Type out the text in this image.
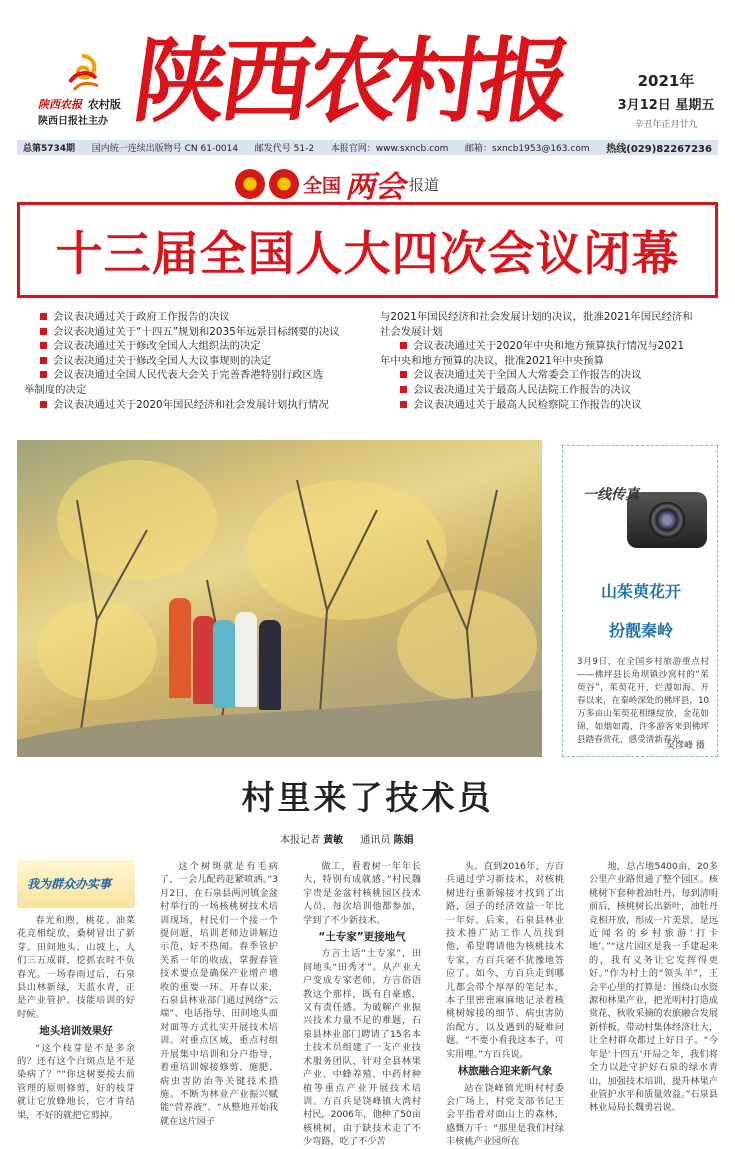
陕西农报 农村版
陕西日报社主办 陕西农村报	2021年
3月12日 星期五
辛丑年正月廿九
总第5734期 国内统一连续出版物号 CN 61-0014 邮发代号 51-2 本报官网：www.sxncb.com 邮箱：sxncb1953@163.com 热线(029)82267236
全国 两会 报道
十三届全国人大四次会议闭幕
会议表决通过关于政府工作报告的决议
会议表决通过关于“十四五”规划和2035年远景目标纲要的决议
会议表决通过关于修改全国人大组织法的决定
会议表决通过关于修改全国人大议事规则的决定
会议表决通过全国人民代表大会关于完善香港特别行政区选
举制度的决定
会议表决通过关于2020年国民经济和社会发展计划执行情况
与2021年国民经济和社会发展计划的决议，批准2021年国民经济和
社会发展计划
会议表决通过关于2020年中央和地方预算执行情况与2021
年中央和地方预算的决议，批准2021年中央预算
会议表决通过关于全国人大常委会工作报告的决议
会议表决通过关于最高人民法院工作报告的决议
会议表决通过关于最高人民检察院工作报告的决议
一线传真
山茱萸花开
扮靓秦岭
3月9日，在全国乡村旅游重点村——佛坪县长角坝镇沙窝村的“茱萸谷”，茱萸花开，烂漫如海。开春以来，在秦岭深处的佛坪县，10万多亩山茱萸花相继绽放，金花如锦，如烟如霞，许多游客来到佛坪县踏春赏花，感受清新春光。
吴彦峰 摄
村里来了技术员
本报记者 黄敏 通讯员 陈娟
我为群众办实事

春光和煦，桃花、油菜花竞相绽放，桑树冒出了新芽。田间地头、山坡上，人们三五成群，挖抓农时不负春光。一场春雨过后，石泉县山林新绿，天蓝水青，正是产业管护、技能培训的好时候。

地头培训效果好

“这个枝芽是不是多余的？还有这个白斑点是不是染病了？”“你这树要按去前管理的原则修剪，好的枝芽就让它放蜂地长，它才肯结果，不好的就把它剪掉。

这个树斑就是有毛病了，一会儿配药赶紧喷洒。”3月2日，在石泉县两河镇金盆村举行的一场核桃树技术培训现场，村民们一个接一个提问题，培训老师边讲解边示范，好不热闹。春季管护关系一年的收成，掌握春管技术要点是确保产业增产增收的重要一环。开春以来，石泉县林业部门通过网络“云端”、电话指导、田间地头面对面等方式扎实开展技术培训。对重点区域，重点村组开展集中培训和分户指导，着重培训嫁接修剪、施肥、病虫害防治等关键技术措施。不断为林业产业振兴赋能“营养液”。“从整地开始我就在这片园子

做工，看着树一年年长大，特别有成就感。”村民魏宇贵是金盆村核桃园区技术人员，每次培训他都参加，学到了不少新技术。

“土专家”更接地气

方言土话“土专家”，田间地头“田秀才”。从产业大户变成专家老师，方言俗语教这个那样，既有自豪感，又有责任感。为破解产业振兴技术力量不足的难题，石泉县林业部门聘请了15名本土技术员组建了一支产业技术服务团队，针对全县林果产业、中蜂养殖、中药材种植等重点产业开展技术培训。方百兵是饶峰镇大湾村村民，2006年，他种了50亩核桃树，由于缺技术走了不少弯路，吃了不少苦

头。直到2016年，方百兵通过学习新技术，对核桃树进行重新嫁接才找到了出路，园子的经济效益一年比一年好。后来，石泉县林业技术推广站工作人员找到他，希望聘请他为核桃技术专家，方百兵毫不犹豫地答应了。如今，方百兵走到哪儿都会带个厚厚的笔记本，本子里密密麻麻地记录着核桃树嫁接的细节、病虫害防治配方，以及遇到的疑难问题。“不要小看我这本子，可实用哩。”方百兵说。

林旅融合迎来新气象

站在饶峰镇光明村村委会广场上，村党支部书记王会平指着对面山上的森林，感慨万千：“那里是我们村绿丰核桃产业园所在

地，总占地5400亩，20多公里产业路贯通了整个园区。核桃树下套种着油牡丹，每到清明前后，核桃树长出新叶，油牡丹竞相开放，形成一片美景，是远近闻名的乡村旅游‘打卡地’。”“这片园区是我一手建起来的，我有义务让它发挥得更好。”作为村上的“领头羊”，王会平心里的打算是：围绕山水资源和林果产业，把光明村打造成赏花、秋收采摘的农旅融合发展新样板，带动村集体经济壮大，让全村群众都过上好日子。“今年是‘十四五’开局之年，我们将全力以赴守护好石泉的绿水青山，加强技术培训，提升林果产业管护水平和质量效益。”石泉县林业局局长魏勇岩说。
